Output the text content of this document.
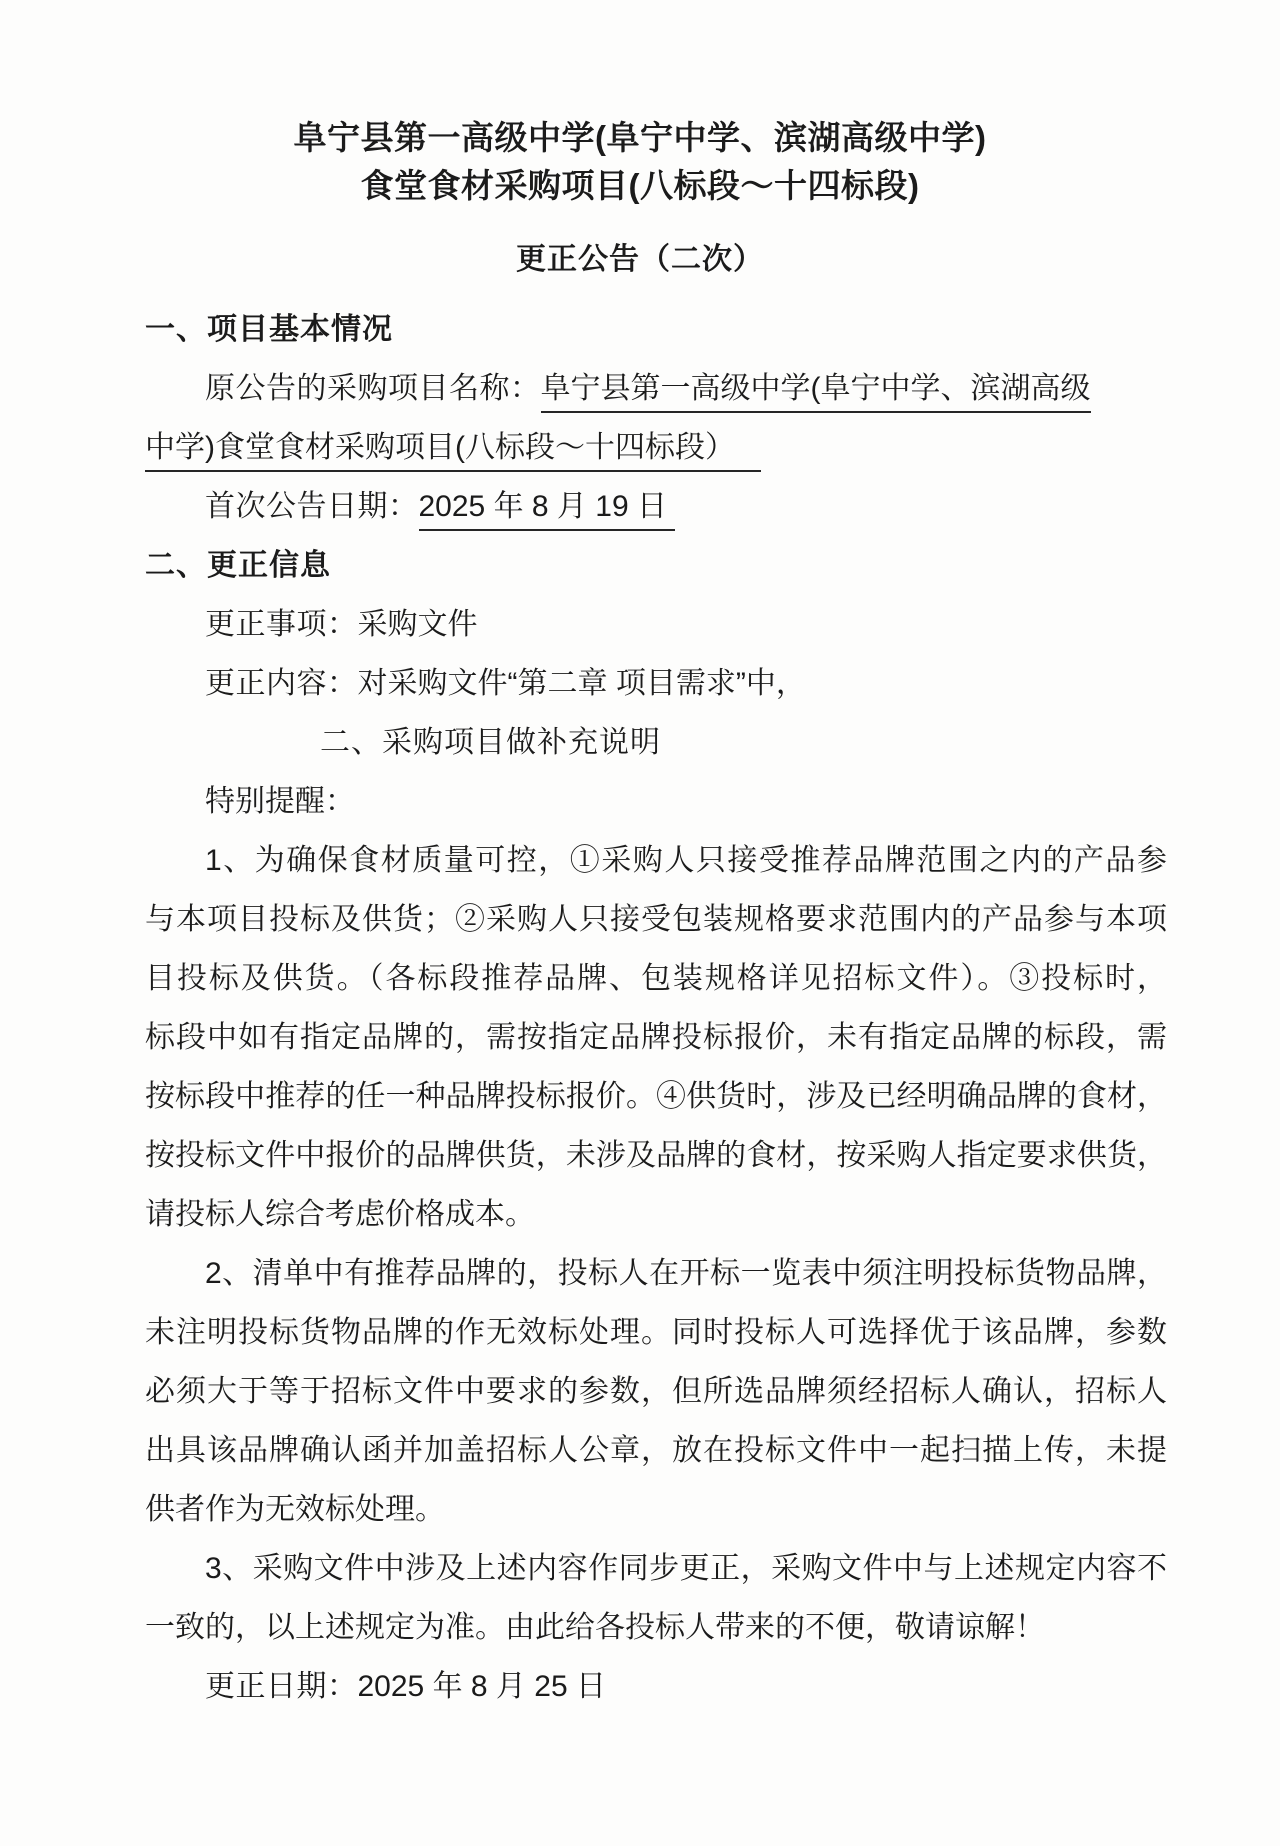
阜宁县第一高级中学(阜宁中学、滨湖高级中学)
食堂食材采购项目(八标段～十四标段)
更正公告（二次）
一、项目基本情况
原公告的采购项目名称：阜宁县第一高级中学(阜宁中学、滨湖高级
中学)食堂食材采购项目(八标段～十四标段）
首次公告日期：2025 年 8 月 19 日
二、更正信息
更正事项：采购文件
更正内容：对采购文件“第二章 项目需求”中，
二、采购项目做补充说明
特别提醒：
1、为确保食材质量可控，①采购人只接受推荐品牌范围之内的产品参
与本项目投标及供货；②采购人只接受包装规格要求范围内的产品参与本项
目投标及供货。（各标段推荐品牌、包装规格详见招标文件）。③投标时，
标段中如有指定品牌的，需按指定品牌投标报价，未有指定品牌的标段，需
按标段中推荐的任一种品牌投标报价。④供货时，涉及已经明确品牌的食材，
按投标文件中报价的品牌供货，未涉及品牌的食材，按采购人指定要求供货，
请投标人综合考虑价格成本。
2、清单中有推荐品牌的，投标人在开标一览表中须注明投标货物品牌，
未注明投标货物品牌的作无效标处理。同时投标人可选择优于该品牌，参数
必须大于等于招标文件中要求的参数，但所选品牌须经招标人确认，招标人
出具该品牌确认函并加盖招标人公章，放在投标文件中一起扫描上传，未提
供者作为无效标处理。
3、采购文件中涉及上述内容作同步更正，采购文件中与上述规定内容不
一致的，以上述规定为准。由此给各投标人带来的不便，敬请谅解！
更正日期：2025 年 8 月 25 日
